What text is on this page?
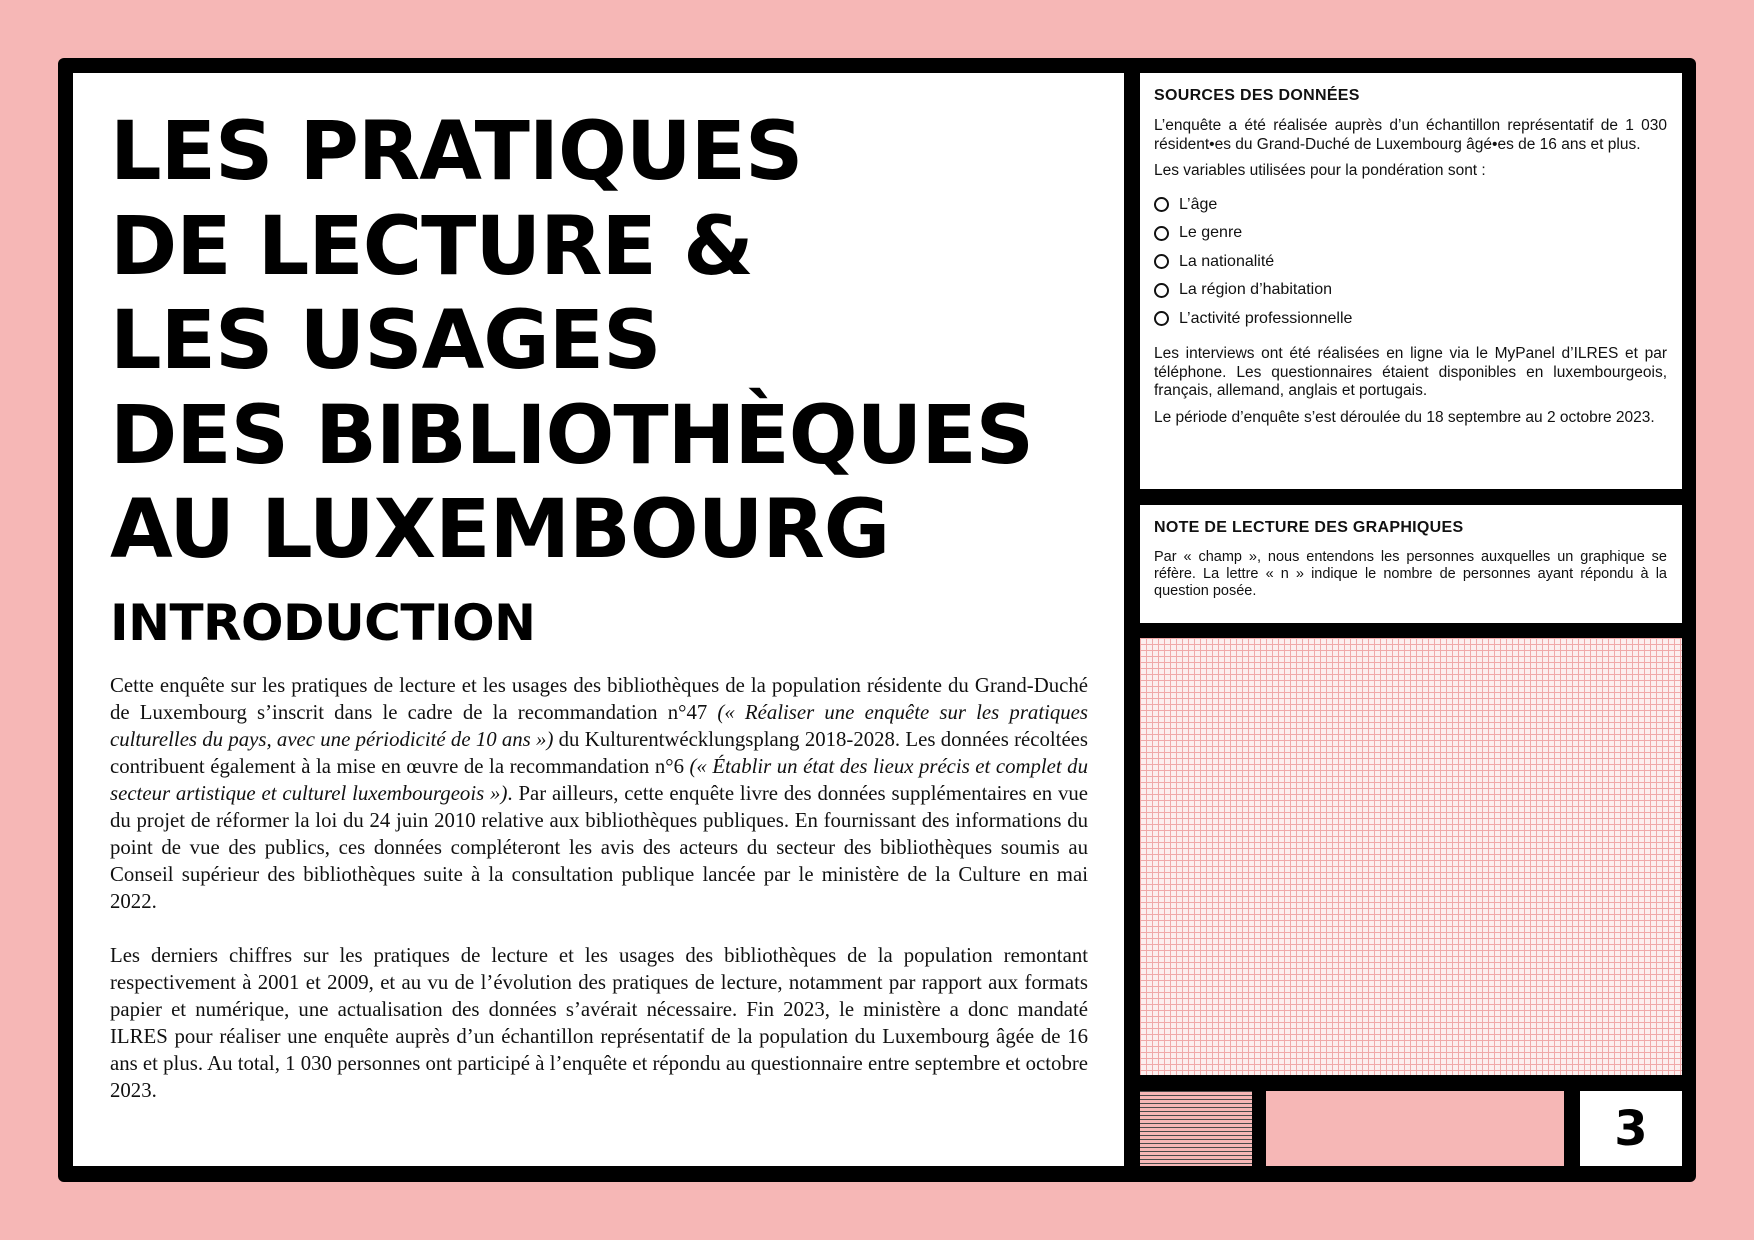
LES PRATIQUES
DE LECTURE &
LES USAGES
DES BIBLIOTHÈQUES
AU LUXEMBOURG
INTRODUCTION

Cette enquête sur les pratiques de lecture et les usages des bibliothèques de la population résidente du Grand-Duché de Luxembourg s’inscrit dans le cadre de la recommandation n°47 (« Réaliser une enquête sur les pratiques culturelles du pays, avec une périodicité de 10 ans ») du Kulturentwécklungsplang 2018-2028. Les données récoltées contribuent également à la mise en œuvre de la recommandation n°6 (« Établir un état des lieux précis et complet du secteur artistique et culturel luxembourgeois »). Par ailleurs, cette enquête livre des données supplémentaires en vue du projet de réformer la loi du 24 juin 2010 relative aux bibliothèques publiques. En fournissant des informations du point de vue des publics, ces données compléteront les avis des acteurs du secteur des bibliothèques soumis au Conseil supérieur des bibliothèques suite à la consultation publique lancée par le ministère de la Culture en mai 2022.

Les derniers chiffres sur les pratiques de lecture et les usages des bibliothèques de la population remontant respectivement à 2001 et 2009, et au vu de l’évolution des pratiques de lecture, notamment par rapport aux formats papier et numérique, une actualisation des données s’avérait nécessaire. Fin 2023, le ministère a donc mandaté ILRES pour réaliser une enquête auprès d’un échantillon représentatif de la population du Luxembourg âgée de 16 ans et plus. Au total, 1 030 personnes ont participé à l’enquête et répondu au questionnaire entre septembre et octobre 2023.

SOURCES DES DONNÉES

L’enquête a été réalisée auprès d’un échantillon représentatif de 1 030 résident•es du Grand-Duché de Luxembourg âgé•es de 16 ans et plus.

Les variables utilisées pour la pondération sont :

L’âge
Le genre
La nationalité
La région d’habitation
L’activité professionnelle

Les interviews ont été réalisées en ligne via le MyPanel d’ILRES et par téléphone. Les questionnaires étaient disponibles en luxembourgeois, français, allemand, anglais et portugais.

Le période d’enquête s’est déroulée du 18 septembre au 2 octobre 2023.

NOTE DE LECTURE DES GRAPHIQUES

Par « champ », nous entendons les personnes auxquelles un graphique se réfère. La lettre « n » indique le nombre de personnes ayant répondu à la question posée.

3
